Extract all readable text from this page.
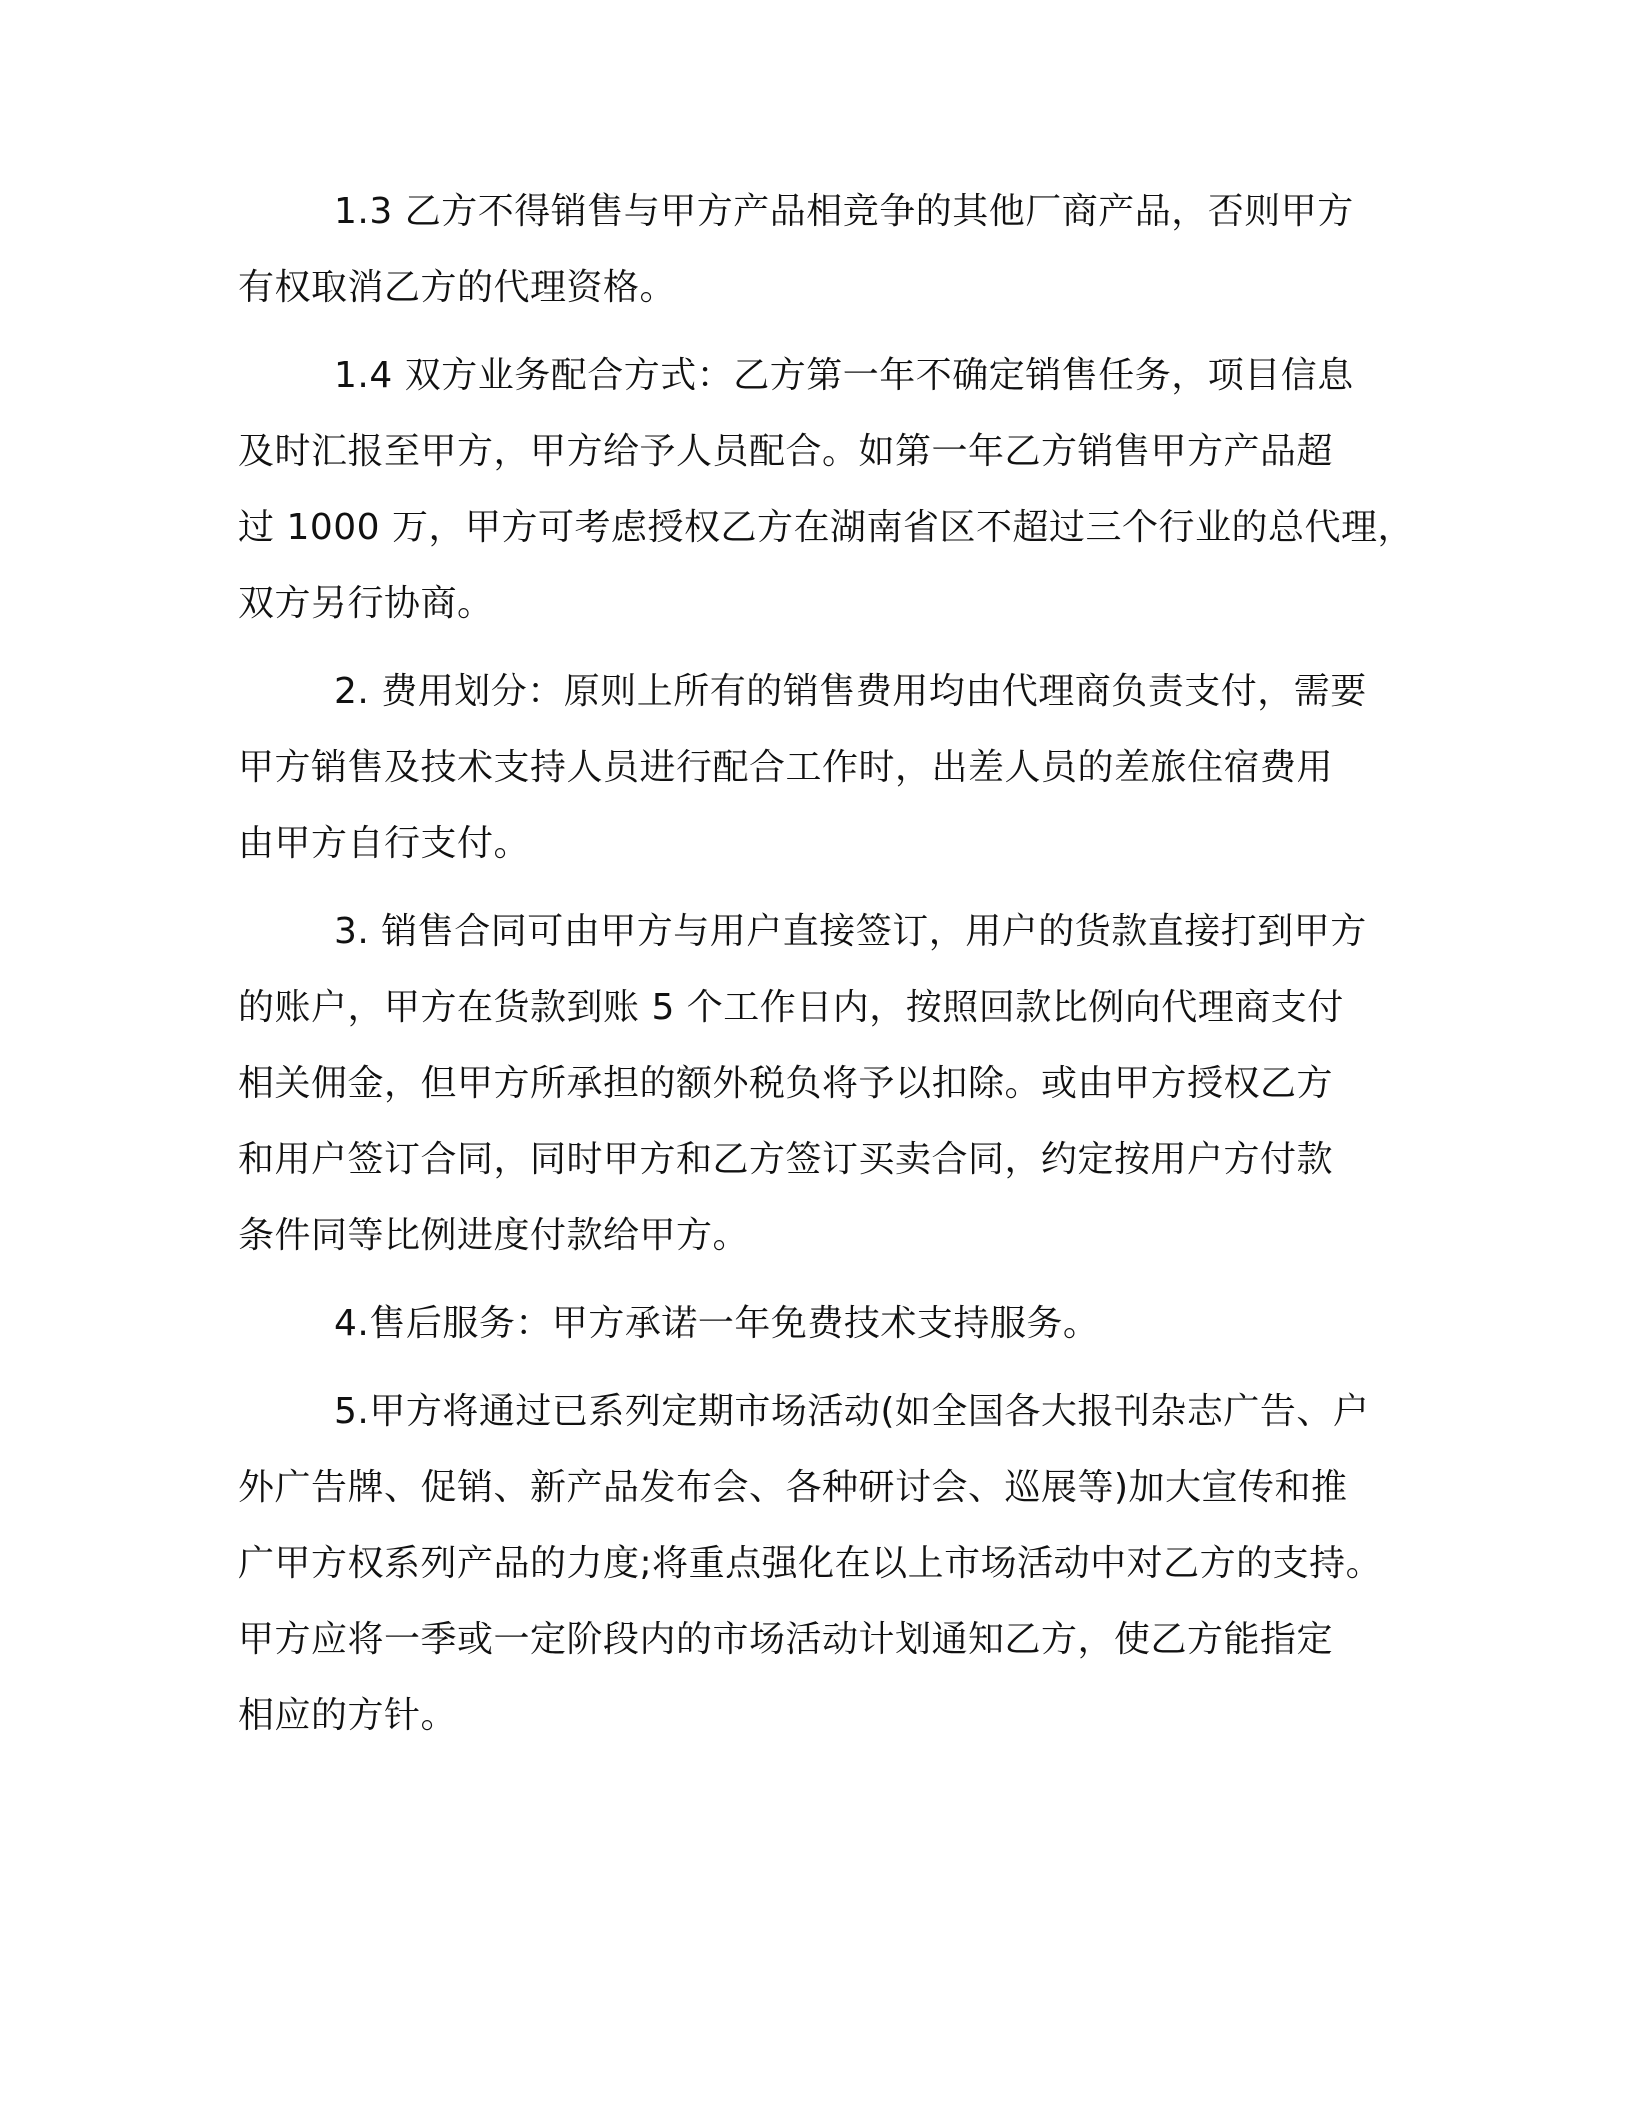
1.3 乙方不得销售与甲方产品相竞争的其他厂商产品，否则甲方
有权取消乙方的代理资格。
1.4 双方业务配合方式：乙方第一年不确定销售任务，项目信息
及时汇报至甲方，甲方给予人员配合。如第一年乙方销售甲方产品超
过 1000 万，甲方可考虑授权乙方在湖南省区不超过三个行业的总代理，
双方另行协商。
2. 费用划分：原则上所有的销售费用均由代理商负责支付，需要
甲方销售及技术支持人员进行配合工作时，出差人员的差旅住宿费用
由甲方自行支付。
3. 销售合同可由甲方与用户直接签订，用户的货款直接打到甲方
的账户，甲方在货款到账 5 个工作日内，按照回款比例向代理商支付
相关佣金，但甲方所承担的额外税负将予以扣除。或由甲方授权乙方
和用户签订合同，同时甲方和乙方签订买卖合同，约定按用户方付款
条件同等比例进度付款给甲方。
4.售后服务：甲方承诺一年免费技术支持服务。
5.甲方将通过已系列定期市场活动(如全国各大报刊杂志广告、户
外广告牌、促销、新产品发布会、各种研讨会、巡展等)加大宣传和推
广甲方权系列产品的力度;将重点强化在以上市场活动中对乙方的支持。
甲方应将一季或一定阶段内的市场活动计划通知乙方，使乙方能指定
相应的方针。
